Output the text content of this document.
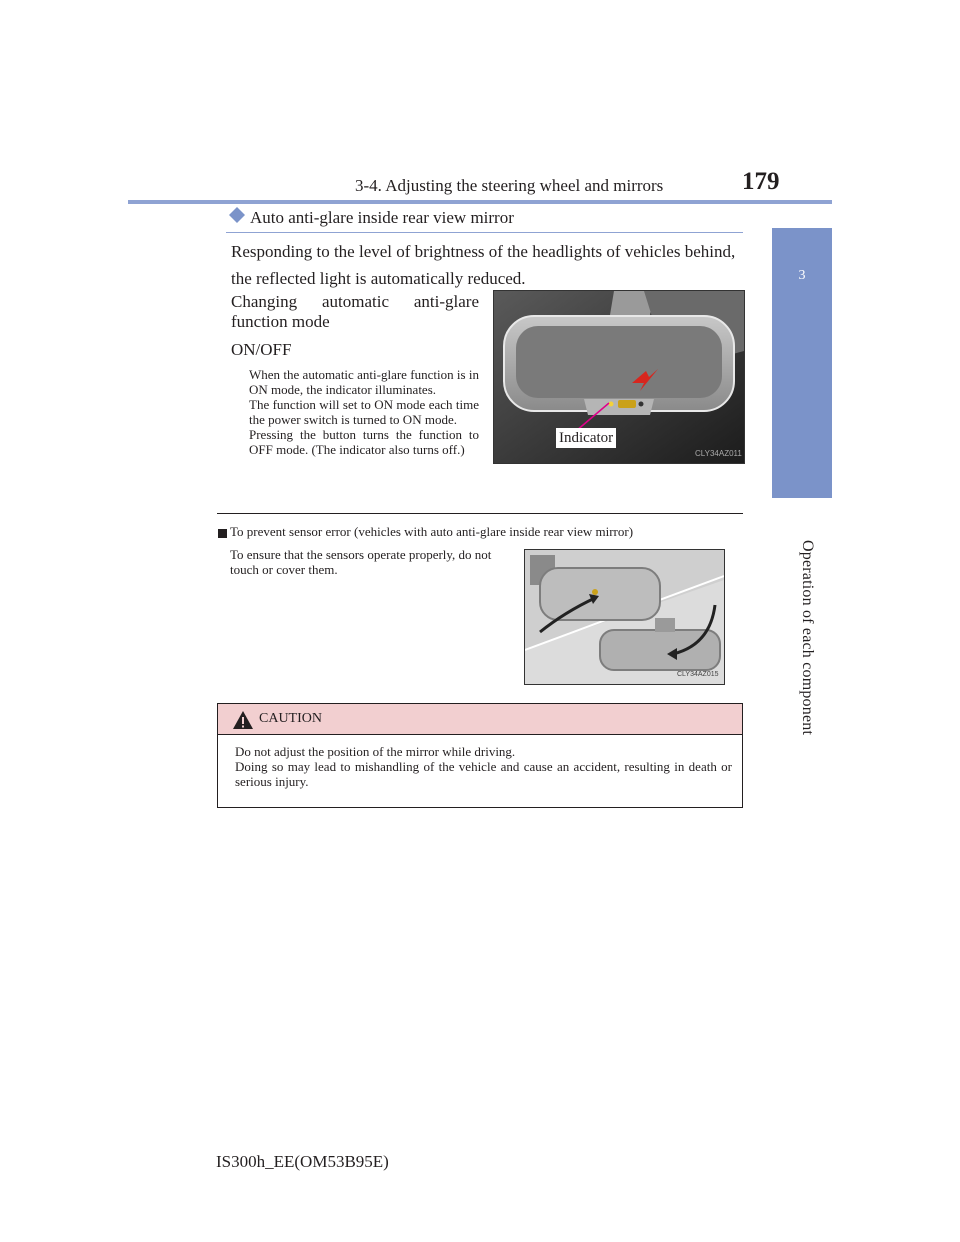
3-4. Adjusting the steering wheel and mirrors	179
3
Operation of each component
Auto anti-glare inside rear view mirror
Responding to the level of brightness of the headlights of vehicles behind, the reflected light is automatically reduced.
Changing automatic anti-glare
function mode
ON/OFF

When the automatic anti-glare function is in ON mode, the indicator illuminates.

The function will set to ON mode each time the power switch is turned to ON mode.

Pressing the button turns the function to OFF mode. (The indicator also turns off.)

Indicator
CLY34AZ011
To prevent sensor error (vehicles with auto anti-glare inside rear view mirror)
To ensure that the sensors operate properly, do not touch or cover them.
CLY34AZ015
CAUTION

Do not adjust the position of the mirror while driving.

Doing so may lead to mishandling of the vehicle and cause an accident, resulting in death or serious injury.

IS300h_EE(OM53B95E)
